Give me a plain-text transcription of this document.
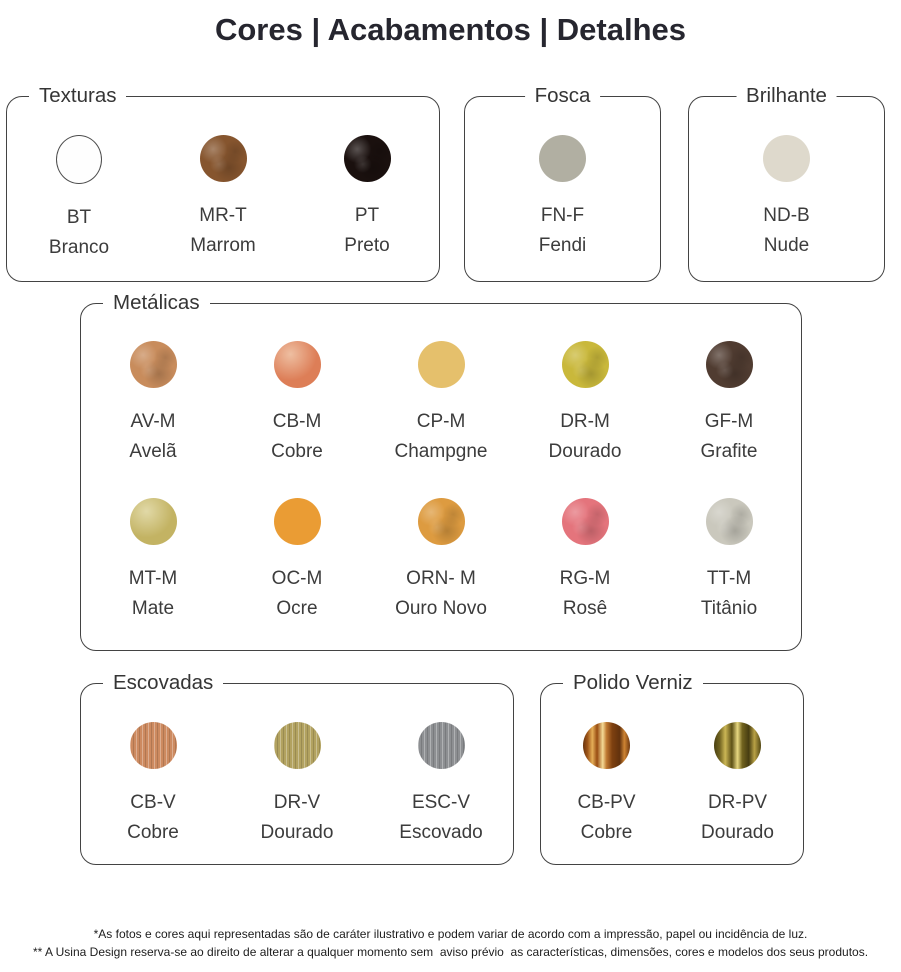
Cores | Acabamentos | Detalhes
Texturas
BT
Branco
MR-T
Marrom
PT
Preto
Fosca
FN-F
Fendi
Brilhante
ND-B
Nude
Metálicas
AV-M
Avelã
CB-M
Cobre
CP-M
Champgne
DR-M
Dourado
GF-M
Grafite
MT-M
Mate
OC-M
Ocre
ORN- M
Ouro Novo
RG-M
Rosê
TT-M
Titânio
Escovadas
CB-V
Cobre
DR-V
Dourado
ESC-V
Escovado
Polido Verniz
CB-PV
Cobre
DR-PV
Dourado
*As fotos e cores aqui representadas são de caráter ilustrativo e podem variar de acordo com a impressão, papel ou incidência de luz.
** A Usina Design reserva-se ao direito de alterar a qualquer momento sem  aviso prévio  as características, dimensões, cores e modelos dos seus produtos.
